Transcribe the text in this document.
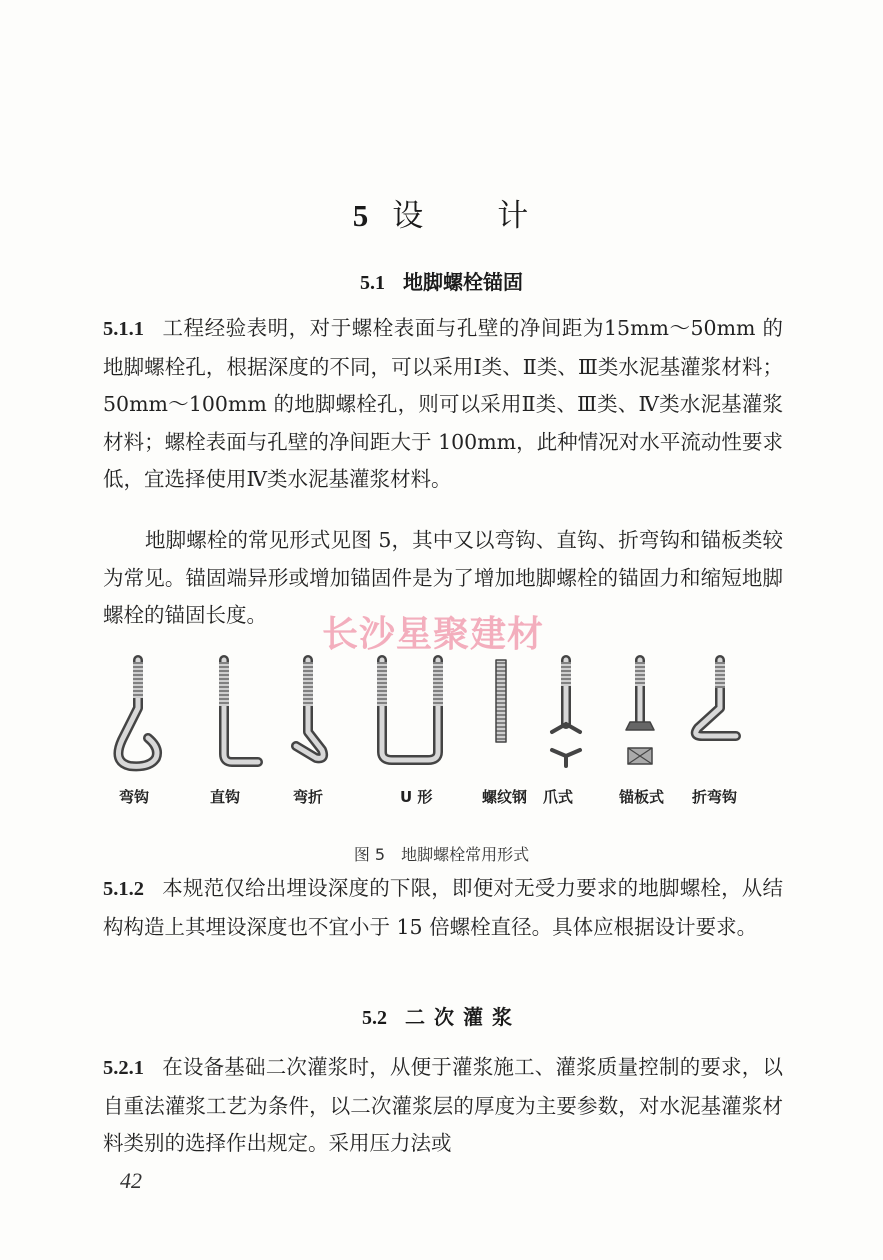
5 设 计
5.1 地脚螺栓锚固
5.1.1 工程经验表明，对于螺栓表面与孔壁的净间距为15mm～50mm 的地脚螺栓孔，根据深度的不同，可以采用Ⅰ类、Ⅱ类、Ⅲ类水泥基灌浆材料；50mm～100mm 的地脚螺栓孔，则可以采用Ⅱ类、Ⅲ类、Ⅳ类水泥基灌浆材料；螺栓表面与孔壁的净间距大于 100mm，此种情况对水平流动性要求低，宜选择使用Ⅳ类水泥基灌浆材料。
地脚螺栓的常见形式见图 5，其中又以弯钩、直钩、折弯钩和锚板类较为常见。锚固端异形或增加锚固件是为了增加地脚螺栓的锚固力和缩短地脚螺栓的锚固长度。	长沙星聚建材
弯钩	直钩	弯折	U 形	螺纹钢 爪式	锚板式 折弯钩
图 5 地脚螺栓常用形式
5.1.2 本规范仅给出埋设深度的下限，即便对无受力要求的地脚螺栓，从结构构造上其埋设深度也不宜小于 15 倍螺栓直径。具体应根据设计要求。
5.2 二次灌浆
5.2.1 在设备基础二次灌浆时，从便于灌浆施工、灌浆质量控制的要求，以自重法灌浆工艺为条件，以二次灌浆层的厚度为主要参数，对水泥基灌浆材料类别的选择作出规定。采用压力法或
42
